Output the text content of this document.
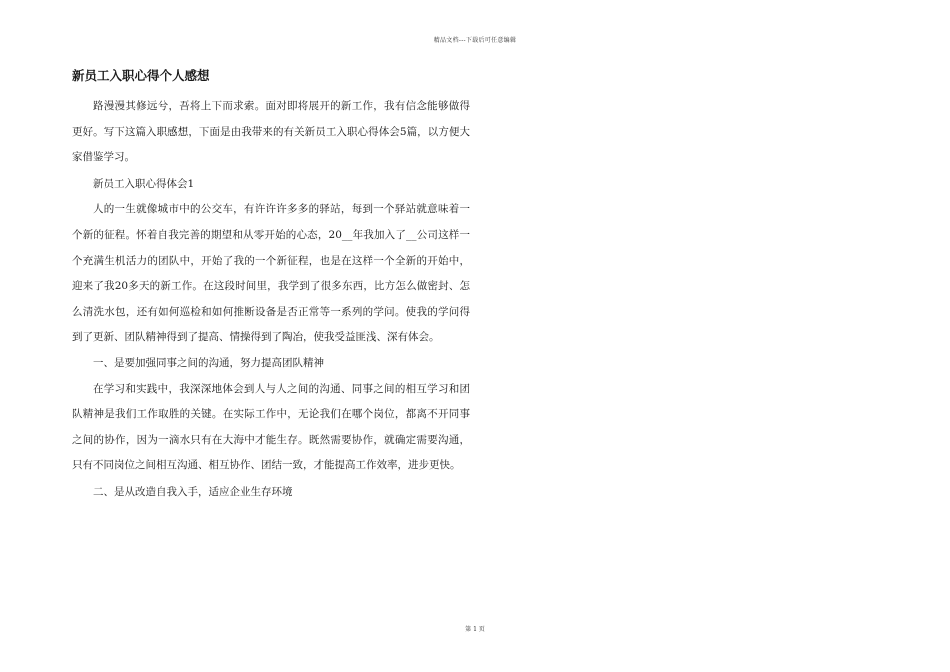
精品文档---下载后可任意编辑
新员工入职心得个人感想

路漫漫其修远兮，吾将上下而求索。面对即将展开的新工作，我有信念能够做得更好。写下这篇入职感想，下面是由我带来的有关新员工入职心得体会5篇，以方便大家借鉴学习。

新员工入职心得体会1

人的一生就像城市中的公交车，有许许许多多的驿站，每到一个驿站就意味着一个新的征程。怀着自我完善的期望和从零开始的心态，20__年我加入了__公司这样一个充满生机活力的团队中，开始了我的一个新征程，也是在这样一个全新的开始中，迎来了我20多天的新工作。在这段时间里，我学到了很多东西，比方怎么做密封、怎么清洗水包，还有如何巡检和如何推断设备是否正常等一系列的学问。使我的学问得到了更新、团队精神得到了提高、情操得到了陶冶，使我受益匪浅、深有体会。

一、是要加强同事之间的沟通，努力提高团队精神

在学习和实践中，我深深地体会到人与人之间的沟通、同事之间的相互学习和团队精神是我们工作取胜的关键。在实际工作中，无论我们在哪个岗位，都离不开同事之间的协作，因为一滴水只有在大海中才能生存。既然需要协作，就确定需要沟通，只有不同岗位之间相互沟通、相互协作、团结一致，才能提高工作效率，进步更快。

二、是从改造自我入手，适应企业生存环境

第 1 页
